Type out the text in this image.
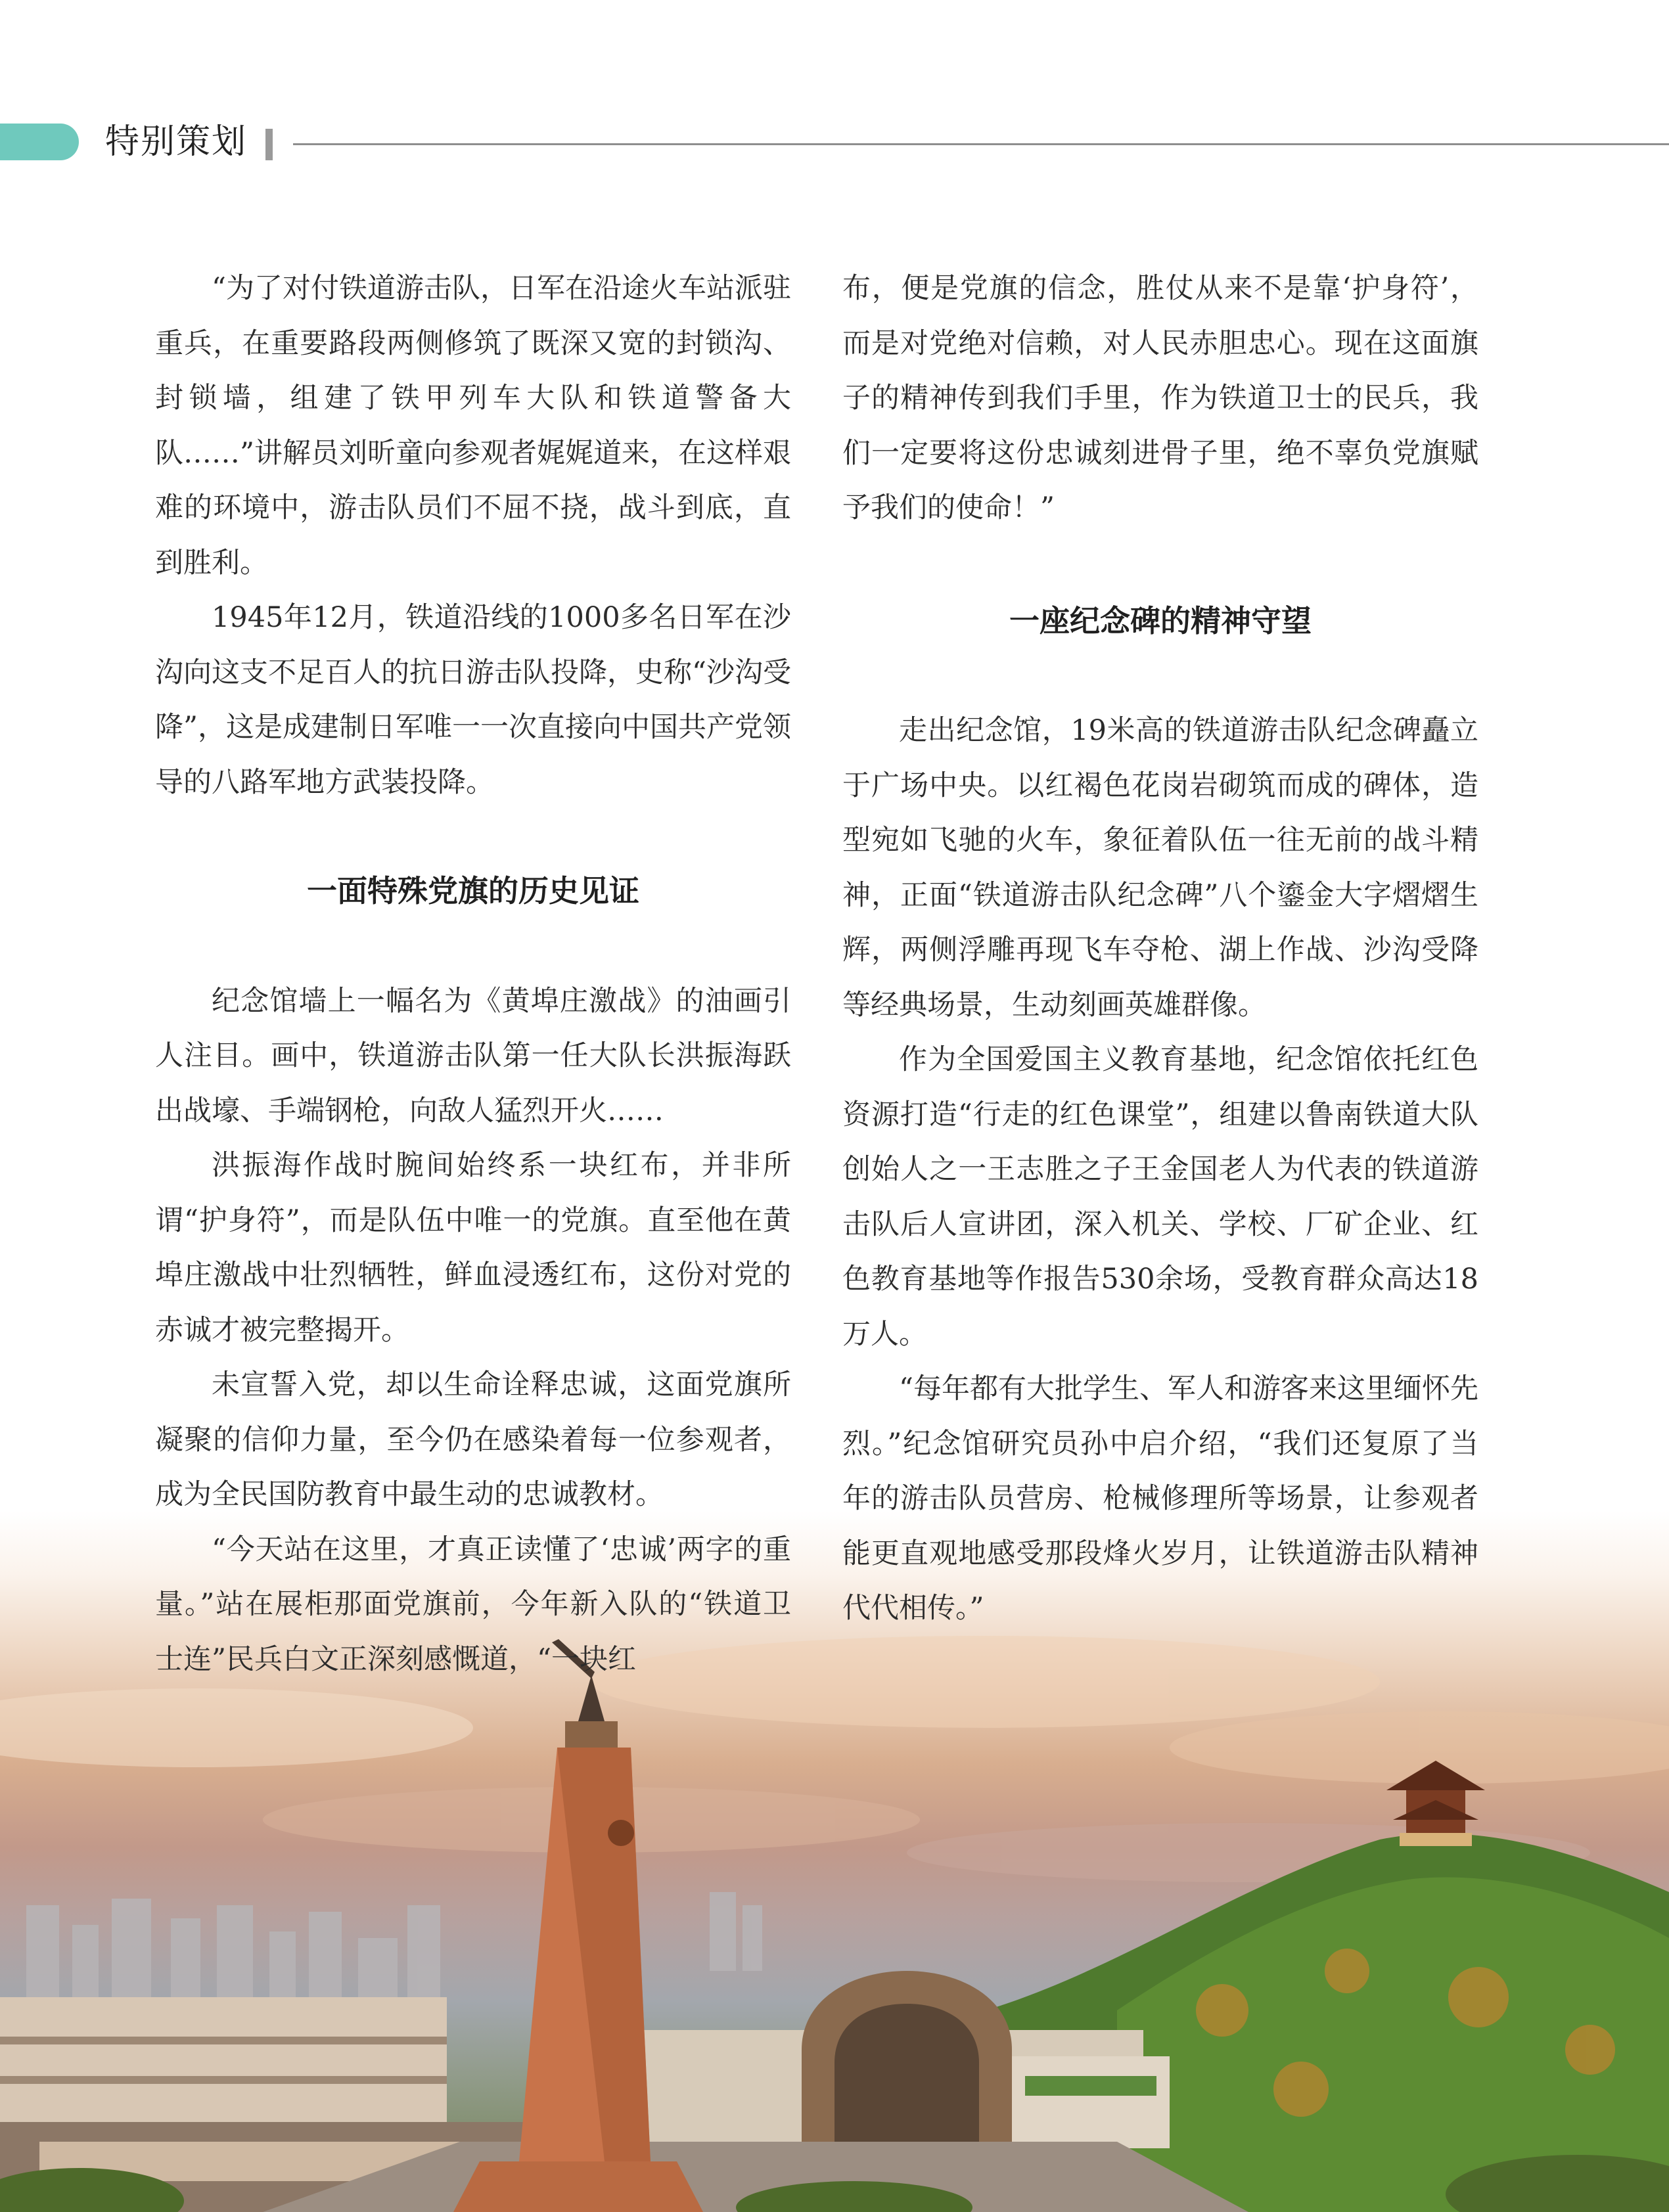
特别策划

“为了对付铁道游击队，日军在沿途火车站派驻重兵，在重要路段两侧修筑了既深又宽的封锁沟、封锁墙，组建了铁甲列车大队和铁道警备大队……”讲解员刘昕童向参观者娓娓道来，在这样艰难的环境中，游击队员们不屈不挠，战斗到底，直到胜利。

1945年12月，铁道沿线的1000多名日军在沙沟向这支不足百人的抗日游击队投降，史称“沙沟受降”，这是成建制日军唯一一次直接向中国共产党领导的八路军地方武装投降。

一面特殊党旗的历史见证

纪念馆墙上一幅名为《黄埠庄激战》的油画引人注目。画中，铁道游击队第一任大队长洪振海跃出战壕、手端钢枪，向敌人猛烈开火……

洪振海作战时腕间始终系一块红布，并非所谓“护身符”，而是队伍中唯一的党旗。直至他在黄埠庄激战中壮烈牺牲，鲜血浸透红布，这份对党的赤诚才被完整揭开。

未宣誓入党，却以生命诠释忠诚，这面党旗所凝聚的信仰力量，至今仍在感染着每一位参观者，成为全民国防教育中最生动的忠诚教材。

“今天站在这里，才真正读懂了‘忠诚’两字的重量。”站在展柜那面党旗前，今年新入队的“铁道卫士连”民兵白文正深刻感慨道，“一块红

布，便是党旗的信念，胜仗从来不是靠‘护身符’，而是对党绝对信赖，对人民赤胆忠心。现在这面旗子的精神传到我们手里，作为铁道卫士的民兵，我们一定要将这份忠诚刻进骨子里，绝不辜负党旗赋予我们的使命！”

一座纪念碑的精神守望

走出纪念馆，19米高的铁道游击队纪念碑矗立于广场中央。以红褐色花岗岩砌筑而成的碑体，造型宛如飞驰的火车，象征着队伍一往无前的战斗精神，正面“铁道游击队纪念碑”八个鎏金大字熠熠生辉，两侧浮雕再现飞车夺枪、湖上作战、沙沟受降等经典场景，生动刻画英雄群像。

作为全国爱国主义教育基地，纪念馆依托红色资源打造“行走的红色课堂”，组建以鲁南铁道大队创始人之一王志胜之子王金国老人为代表的铁道游击队后人宣讲团，深入机关、学校、厂矿企业、红色教育基地等作报告530余场，受教育群众高达18万人。

“每年都有大批学生、军人和游客来这里缅怀先烈。”纪念馆研究员孙中启介绍，“我们还复原了当年的游击队员营房、枪械修理所等场景，让参观者能更直观地感受那段烽火岁月，让铁道游击队精神代代相传。”
